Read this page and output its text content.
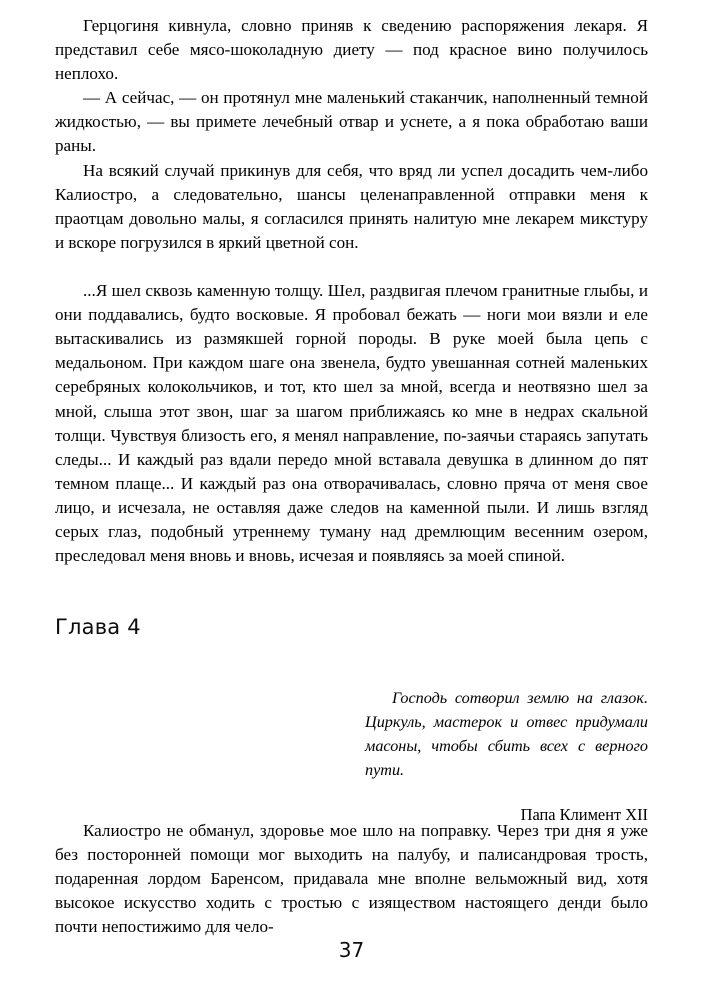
Герцогиня кивнула, словно приняв к сведению распоряжения лекаря. Я представил себе мясо-шоколадную диету — под красное вино получилось неплохо.

— А сейчас, — он протянул мне маленький стаканчик, наполненный темной жидкостью, — вы примете лечебный отвар и уснете, а я пока обработаю ваши раны.

На всякий случай прикинув для себя, что вряд ли успел досадить чем-либо Калиостро, а следовательно, шансы целенаправленной отправки меня к праотцам довольно малы, я согласился принять налитую мне лекарем микстуру и вскоре погрузился в яркий цветной сон.

...Я шел сквозь каменную толщу. Шел, раздвигая плечом гранитные глыбы, и они поддавались, будто восковые. Я пробовал бежать — ноги мои вязли и еле вытаскивались из размякшей горной породы. В руке моей была цепь с медальоном. При каждом шаге она звенела, будто увешанная сотней маленьких серебряных колокольчиков, и тот, кто шел за мной, всегда и неотвязно шел за мной, слыша этот звон, шаг за шагом приближаясь ко мне в недрах скальной толщи. Чувствуя близость его, я менял направление, по-заячьи стараясь запутать следы... И каждый раз вдали передо мной вставала девушка в длинном до пят темном плаще... И каждый раз она отворачивалась, словно пряча от меня свое лицо, и исчезала, не оставляя даже следов на каменной пыли. И лишь взгляд серых глаз, подобный утреннему туману над дремлющим весенним озером, преследовал меня вновь и вновь, исчезая и появляясь за моей спиной.

Глава 4

Господь сотворил землю на глазок. Циркуль, мастерок и отвес придумали масоны, чтобы сбить всех с верного пути.

Папа Климент XII

Калиостро не обманул, здоровье мое шло на поправку. Через три дня я уже без посторонней помощи мог выходить на палубу, и палисандровая трость, подаренная лордом Баренсом, придавала мне вполне вельможный вид, хотя высокое искусство ходить с тростью с изяществом настоящего денди было почти непостижимо для чело-

37
